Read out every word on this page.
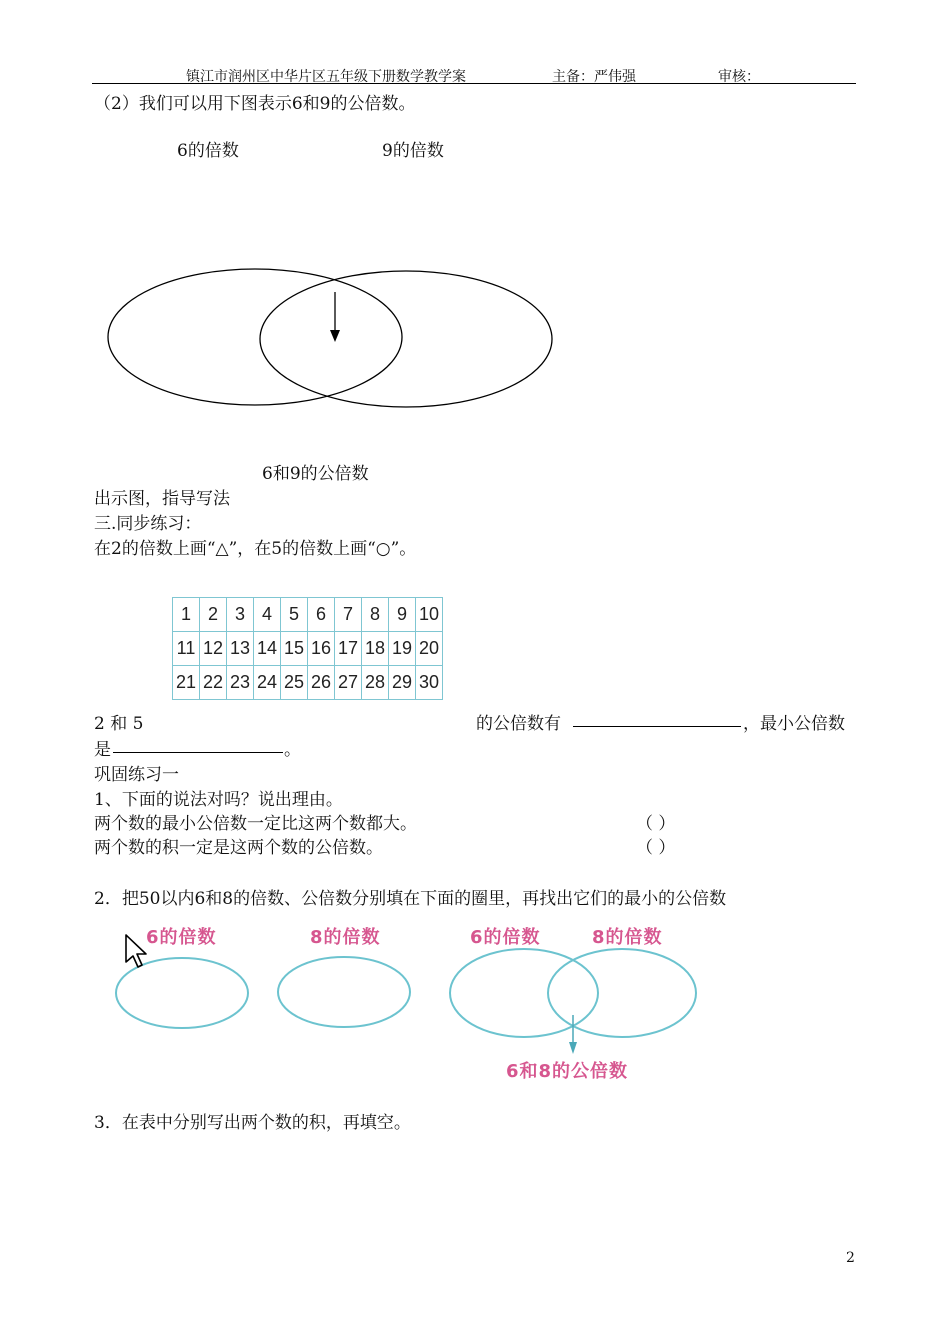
镇江市润州区中华片区五年级下册数学教学案	主备：严伟强	审核：
（2）我们可以用下图表示6和9的公倍数。
6的倍数	9的倍数
6和9的公倍数
出示图，指导写法
三.同步练习：
在2的倍数上画“△”，在5的倍数上画“○”。
1	2	3	4	5	6	7	8	9	10
11	12	13	14	15	16	17	18	19	20
21	22	23	24	25	26	27	28	29	30
2 和 5	的公倍数有	，最小公倍数
是	。
巩固练习一
1、下面的说法对吗？说出理由。
两个数的最小公倍数一定比这两个数都大。	（ ）
两个数的积一定是这两个数的公倍数。	（ ）
2．把50以内6和8的倍数、公倍数分别填在下面的圈里，再找出它们的最小的公倍数
6的倍数	8的倍数	6的倍数	8的倍数
6和8的公倍数
3．在表中分别写出两个数的积，再填空。
2
